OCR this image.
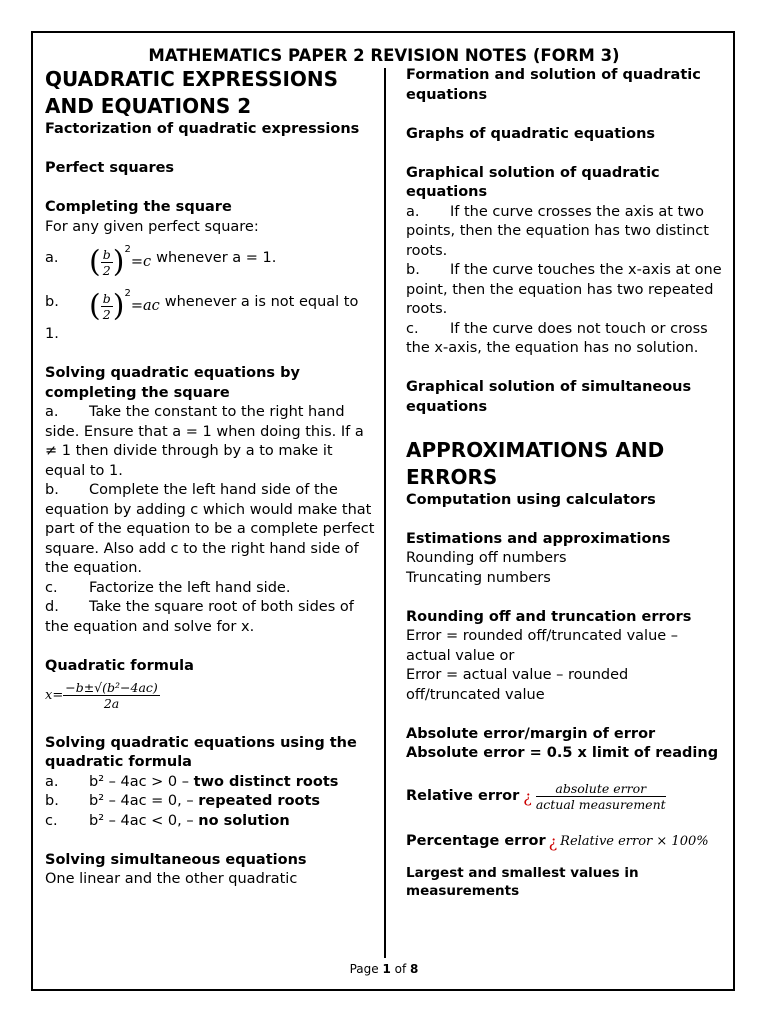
MATHEMATICS PAPER 2 REVISION NOTES (FORM 3)
QUADRATIC EXPRESSIONS
AND EQUATIONS 2
Factorization of quadratic expressions
Perfect squares
Completing the square
For any given perfect square:
a.	( $\frac{b}{2} )^2=c$ whenever a = 1.
b.	( $\frac{b}{2} )^2=ac$ whenever a is not equal to
1.
Solving quadratic equations by completing the square
a. Take the constant to the right hand side. Ensure that a = 1 when doing this. If a ≠ 1 then divide through by a to make it equal to 1.
b. Complete the left hand side of the equation by adding c which would make that part of the equation to be a complete perfect square. Also add c to the right hand side of the equation.
c. Factorize the left hand side.
d. Take the square root of both sides of the equation and solve for x.
Quadratic formula
$x= \frac{\text{−b±√(b²−4ac)}}{2a}$
Solving quadratic equations using the quadratic formula
a.	b² – 4ac > 0 – two distinct roots
b.	b² – 4ac = 0, – repeated roots
c.	b² – 4ac < 0, – no solution
Solving simultaneous equations
One linear and the other quadratic
Formation and solution of quadratic equations
Graphs of quadratic equations
Graphical solution of quadratic equations
a. If the curve crosses the axis at two points, then the equation has two distinct roots.
b. If the curve touches the x-axis at one point, then the equation has two repeated roots.
c. If the curve does not touch or cross the x-axis, the equation has no solution.
Graphical solution of simultaneous equations
APPROXIMATIONS AND
ERRORS
Computation using calculators
Estimations and approximations
Rounding off numbers
Truncating numbers
Rounding off and truncation errors
Error = rounded off/truncated value – actual value or
Error = actual value – rounded off/truncated value
Absolute error/margin of error
Absolute error = 0.5 x limit of reading
Relative error ¿ $\frac{\text{absolute error}}{\text{actual measurement}}$
Percentage error ¿ Relative error × 100%
Largest and smallest values in measurements
Page 1 of 8
